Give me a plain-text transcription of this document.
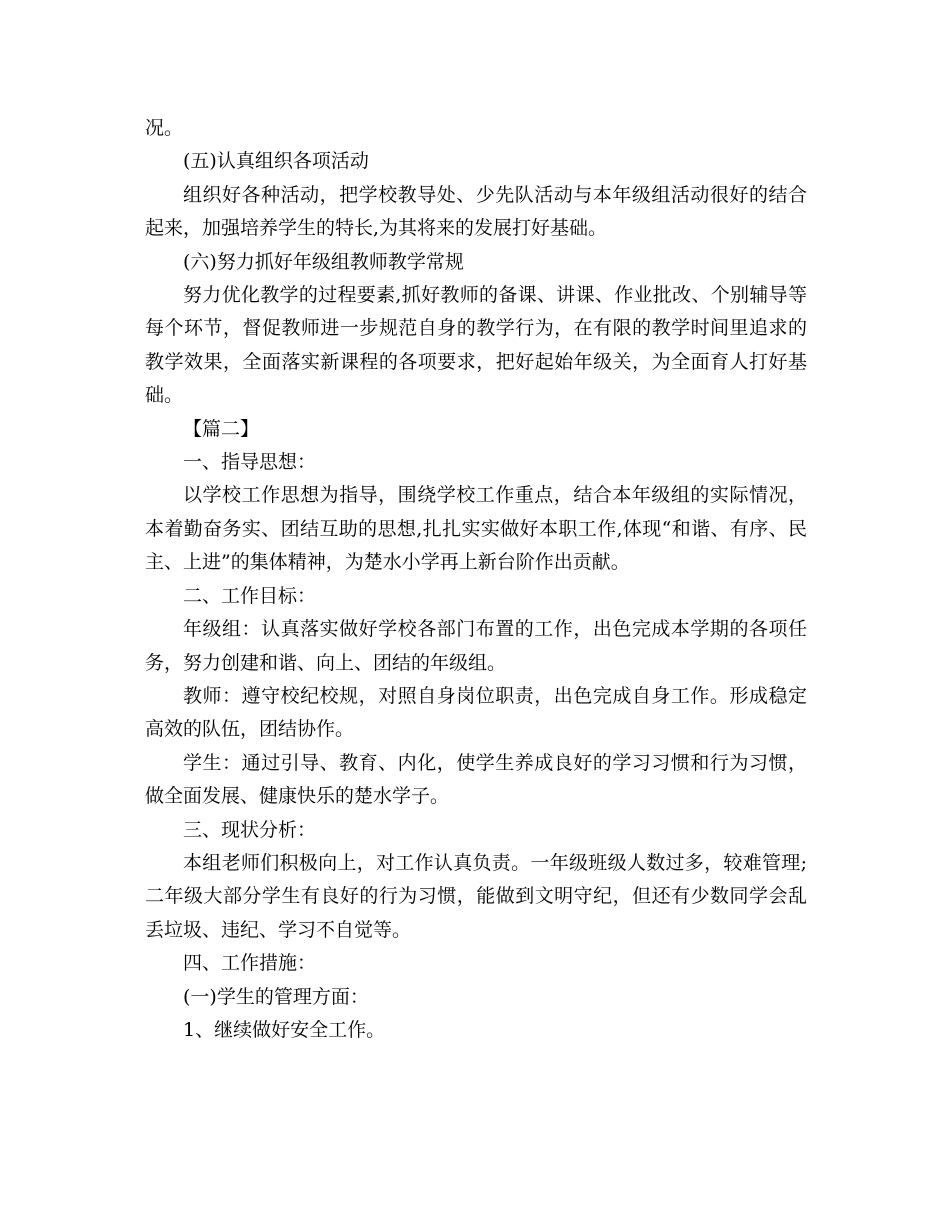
况。

(五)认真组织各项活动

组织好各种活动，把学校教导处、少先队活动与本年级组活动很好的结合起来，加强培养学生的特长,为其将来的发展打好基础。

(六)努力抓好年级组教师教学常规

努力优化教学的过程要素,抓好教师的备课、讲课、作业批改、个别辅导等每个环节，督促教师进一步规范自身的教学行为，在有限的教学时间里追求的教学效果，全面落实新课程的各项要求，把好起始年级关，为全面育人打好基础。

【篇二】

一、指导思想：

以学校工作思想为指导，围绕学校工作重点，结合本年级组的实际情况，本着勤奋务实、团结互助的思想,扎扎实实做好本职工作,体现“和谐、有序、民主、上进”的集体精神，为楚水小学再上新台阶作出贡献。

二、工作目标：

年级组：认真落实做好学校各部门布置的工作，出色完成本学期的各项任务，努力创建和谐、向上、团结的年级组。

教师：遵守校纪校规，对照自身岗位职责，出色完成自身工作。形成稳定高效的队伍，团结协作。

学生：通过引导、教育、内化，使学生养成良好的学习习惯和行为习惯，做全面发展、健康快乐的楚水学子。

三、现状分析：

本组老师们积极向上，对工作认真负责。一年级班级人数过多，较难管理;二年级大部分学生有良好的行为习惯，能做到文明守纪，但还有少数同学会乱丢垃圾、违纪、学习不自觉等。

四、工作措施：

(一)学生的管理方面：

1、继续做好安全工作。
